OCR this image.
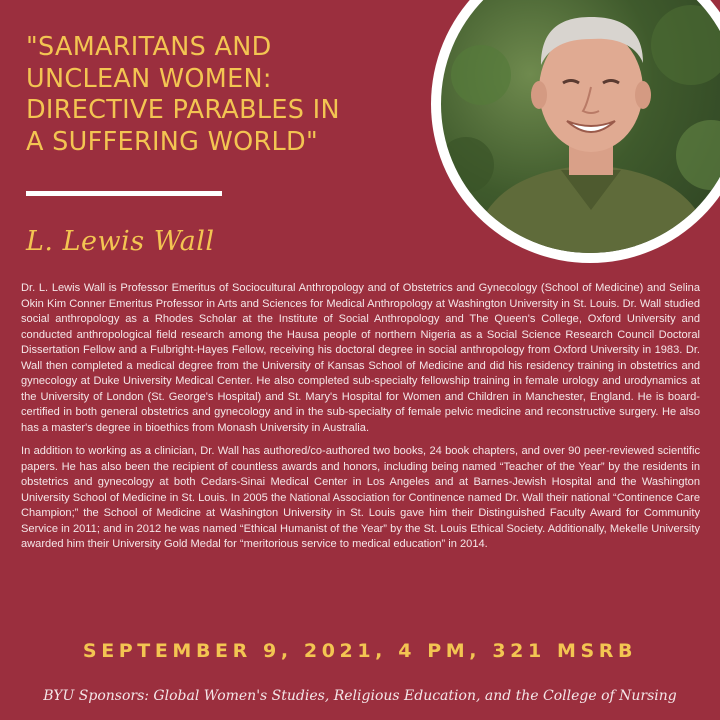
"SAMARITANS AND
UNCLEAN WOMEN:
DIRECTIVE PARABLES IN
A SUFFERING WORLD"
L. Lewis Wall

Dr. L. Lewis Wall is Professor Emeritus of Sociocultural Anthropology and of Obstetrics and Gynecology (School of Medicine) and Selina Okin Kim Conner Emeritus Professor in Arts and Sciences for Medical Anthropology at Washington University in St. Louis. Dr. Wall studied social anthropology as a Rhodes Scholar at the Institute of Social Anthropology and The Queen's College, Oxford University and conducted anthropological field research among the Hausa people of northern Nigeria as a Social Science Research Council Doctoral Dissertation Fellow and a Fulbright-Hayes Fellow, receiving his doctoral degree in social anthropology from Oxford University in 1983. Dr. Wall then completed a medical degree from the University of Kansas School of Medicine and did his residency training in obstetrics and gynecology at Duke University Medical Center. He also completed sub-specialty fellowship training in female urology and urodynamics at the University of London (St. George's Hospital) and St. Mary's Hospital for Women and Children in Manchester, England. He is board-certified in both general obstetrics and gynecology and in the sub-specialty of female pelvic medicine and reconstructive surgery. He also has a master's degree in bioethics from Monash University in Australia.

In addition to working as a clinician, Dr. Wall has authored/co-authored two books, 24 book chapters, and over 90 peer-reviewed scientific papers. He has also been the recipient of countless awards and honors, including being named “Teacher of the Year” by the residents in obstetrics and gynecology at both Cedars-Sinai Medical Center in Los Angeles and at Barnes-Jewish Hospital and the Washington University School of Medicine in St. Louis. In 2005 the National Association for Continence named Dr. Wall their national “Continence Care Champion;” the School of Medicine at Washington University in St. Louis gave him their Distinguished Faculty Award for Community Service in 2011; and in 2012 he was named “Ethical Humanist of the Year” by the St. Louis Ethical Society. Additionally, Mekelle University awarded him their University Gold Medal for “meritorious service to medical education” in 2014.

SEPTEMBER 9, 2021, 4 PM, 321 MSRB
BYU Sponsors: Global Women's Studies, Religious Education, and the College of Nursing
